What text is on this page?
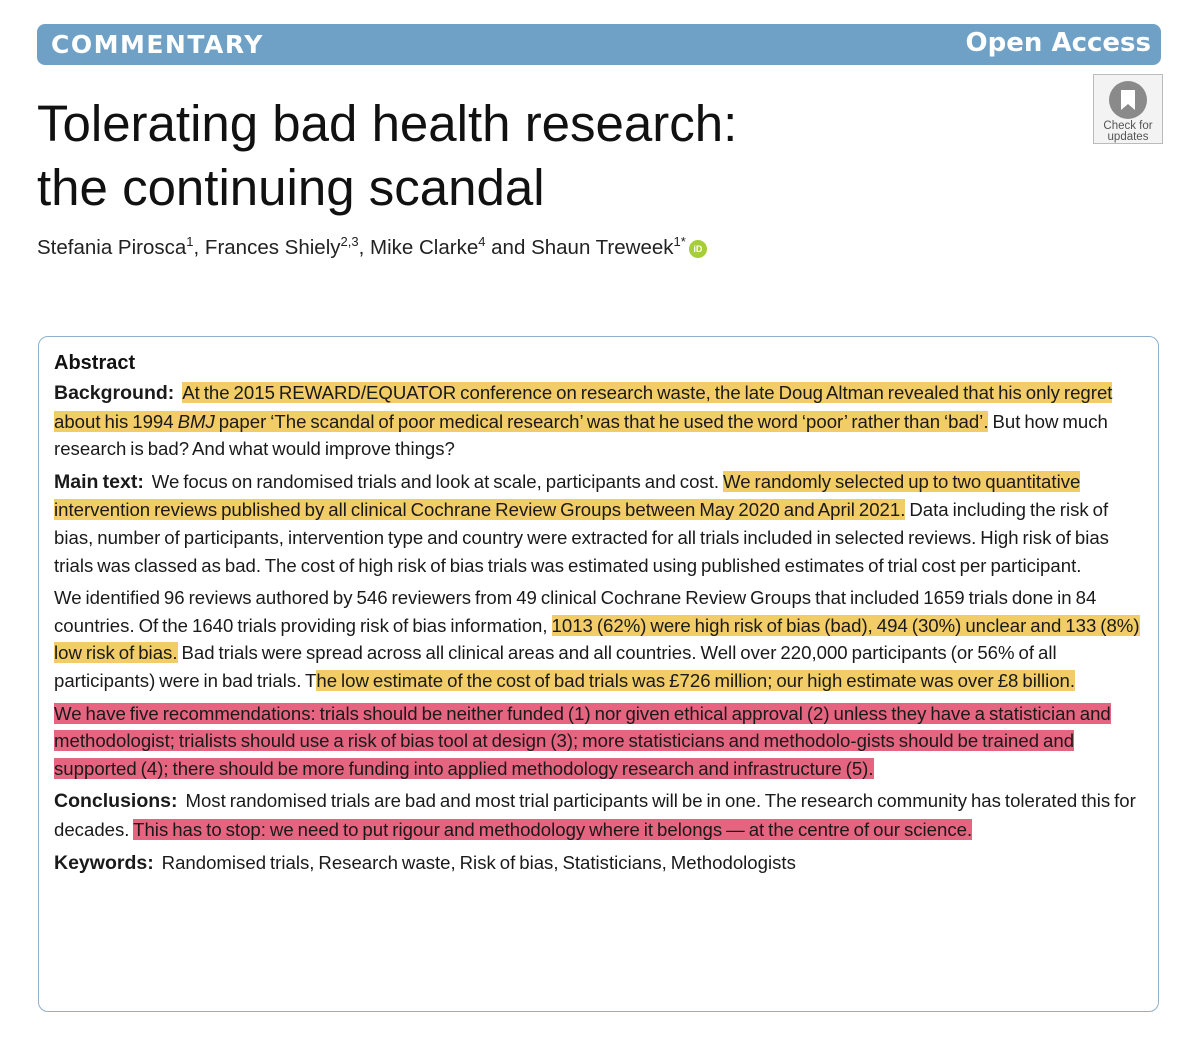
COMMENTARY	Open Access
Tolerating bad health research:
the continuing scandal
Check for
updates
Stefania Pirosca$^1$, Frances Shiely$^{2,3}$, Mike Clarke$^4$ and Shaun Treweek$^{1*}$ iD
Abstract

Background: At the 2015 REWARD/EQUATOR conference on research waste, the late Doug Altman revealed that his only regret about his 1994 BMJ paper ‘The scandal of poor medical research’ was that he used the word ‘poor’ rather than ‘bad’. But how much research is bad? And what would improve things?

Main text: We focus on randomised trials and look at scale, participants and cost. We randomly selected up to two quantitative intervention reviews published by all clinical Cochrane Review Groups between May 2020 and April 2021. Data including the risk of bias, number of participants, intervention type and country were extracted for all trials included in selected reviews. High risk of bias trials was classed as bad. The cost of high risk of bias trials was estimated using published estimates of trial cost per participant.

We identified 96 reviews authored by 546 reviewers from 49 clinical Cochrane Review Groups that included 1659 trials done in 84 countries. Of the 1640 trials providing risk of bias information, 1013 (62%) were high risk of bias (bad), 494 (30%) unclear and 133 (8%) low risk of bias. Bad trials were spread across all clinical areas and all countries. Well over 220,000 participants (or 56% of all participants) were in bad trials. The low estimate of the cost of bad trials was £726 million; our high estimate was over £8 billion.

We have five recommendations: trials should be neither funded (1) nor given ethical approval (2) unless they have a statistician and methodologist; trialists should use a risk of bias tool at design (3); more statisticians and methodolo-gists should be trained and supported (4); there should be more funding into applied methodology research and infrastructure (5).

Conclusions: Most randomised trials are bad and most trial participants will be in one. The research community has tolerated this for decades. This has to stop: we need to put rigour and methodology where it belongs — at the centre of our science.

Keywords: Randomised trials, Research waste, Risk of bias, Statisticians, Methodologists
